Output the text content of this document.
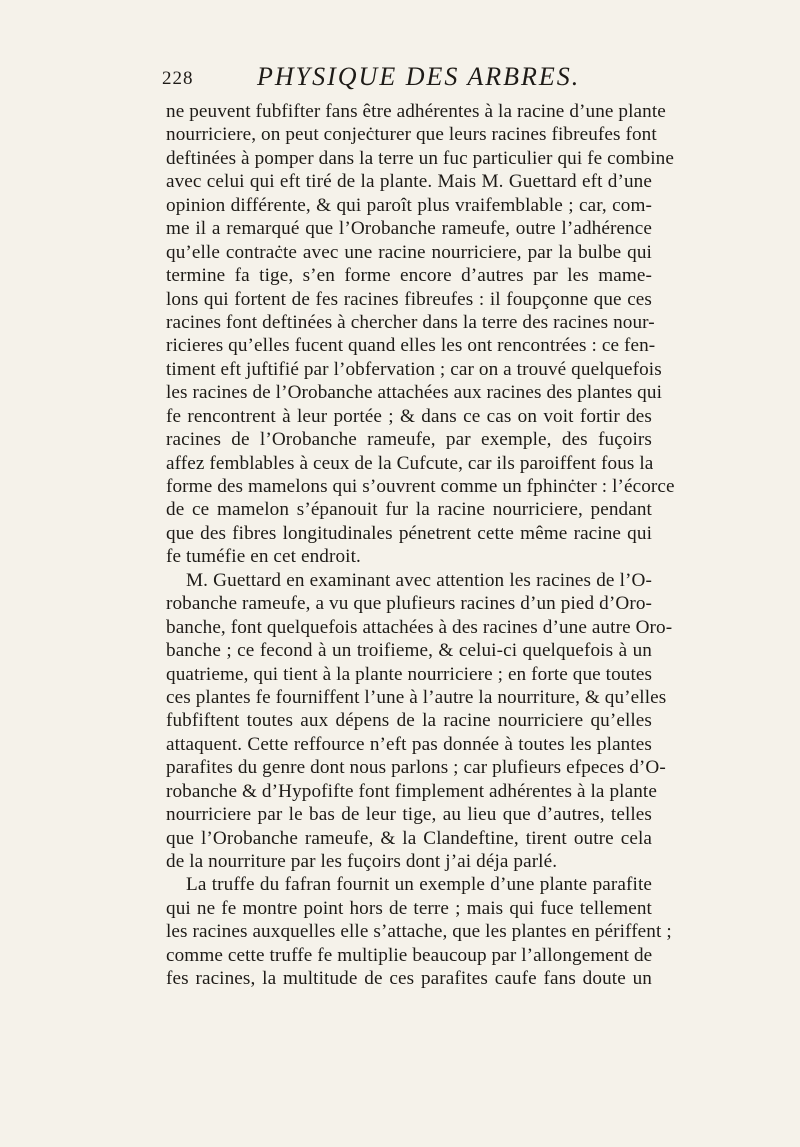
228 PHYSIQUE DES ARBRES.
ne peuvent fubfifter fans être adhérentes à la racine d’une plante
nourriciere, on peut conjeċturer que leurs racines fibreufes font
deftinées à pomper dans la terre un fuc particulier qui fe combine
avec celui qui eft tiré de la plante. Mais M. Guettard eft d’une
opinion différente, & qui paroît plus vraifemblable ; car, com-
me il a remarqué que l’Orobanche rameufe, outre l’adhérence
qu’elle contraċte avec une racine nourriciere, par la bulbe qui
termine fa tige, s’en forme encore d’autres par les mame-
lons qui fortent de fes racines fibreufes : il foupçonne que ces
racines font deftinées à chercher dans la terre des racines nour-
ricieres qu’elles fucent quand elles les ont rencontrées : ce fen-
timent eft juftifié par l’obfervation ; car on a trouvé quelquefois
les racines de l’Orobanche attachées aux racines des plantes qui
fe rencontrent à leur portée ; & dans ce cas on voit fortir des
racines de l’Orobanche rameufe, par exemple, des fuçoirs
affez femblables à ceux de la Cufcute, car ils paroiffent fous la
forme des mamelons qui s’ouvrent comme un fphinċter : l’écorce
de ce mamelon s’épanouit fur la racine nourriciere, pendant
que des fibres longitudinales pénetrent cette même racine qui
fe tuméfie en cet endroit.
M. Guettard en examinant avec attention les racines de l’O-
robanche rameufe, a vu que plufieurs racines d’un pied d’Oro-
banche, font quelquefois attachées à des racines d’une autre Oro-
banche ; ce fecond à un troifieme, & celui-ci quelquefois à un
quatrieme, qui tient à la plante nourriciere ; en forte que toutes
ces plantes fe fourniffent l’une à l’autre la nourriture, & qu’elles
fubfiftent toutes aux dépens de la racine nourriciere qu’elles
attaquent. Cette reffource n’eft pas donnée à toutes les plantes
parafites du genre dont nous parlons ; car plufieurs efpeces d’O-
robanche & d’Hypofifte font fimplement adhérentes à la plante
nourriciere par le bas de leur tige, au lieu que d’autres, telles
que l’Orobanche rameufe, & la Clandeftine, tirent outre cela
de la nourriture par les fuçoirs dont j’ai déja parlé.
La truffe du fafran fournit un exemple d’une plante parafite
qui ne fe montre point hors de terre ; mais qui fuce tellement
les racines auxquelles elle s’attache, que les plantes en périffent ;
comme cette truffe fe multiplie beaucoup par l’allongement de
fes racines, la multitude de ces parafites caufe fans doute un
